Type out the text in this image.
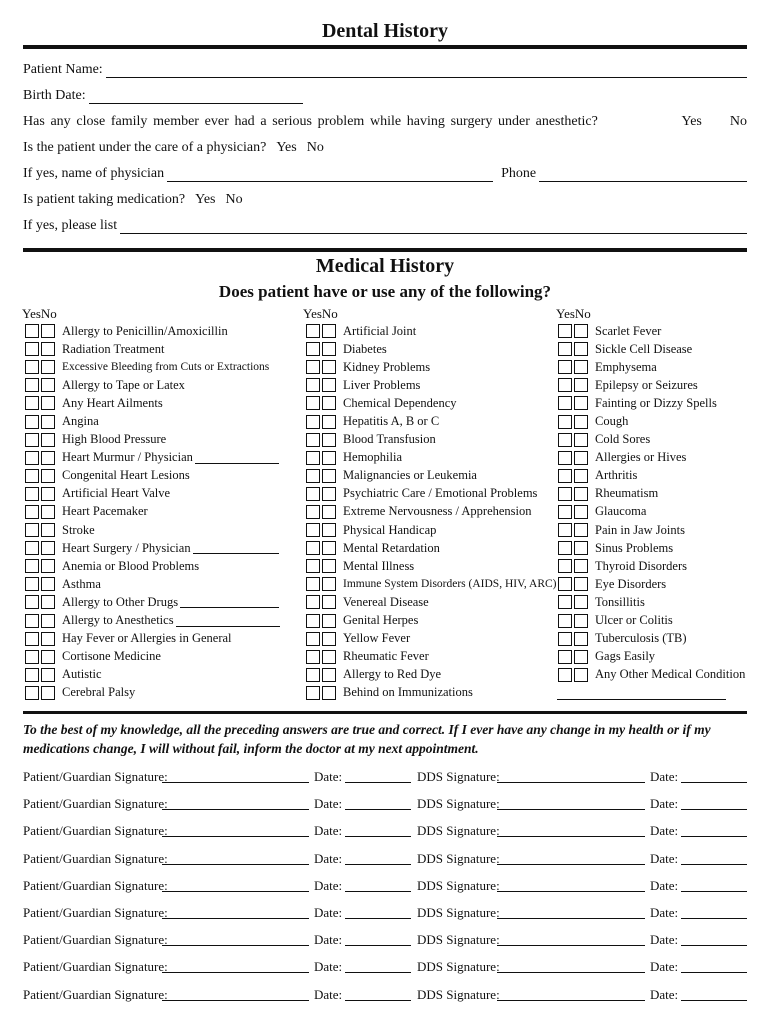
Dental History
Patient Name:
Birth Date:
Has any close family member ever had a serious problem while having surgery under anesthetic?	Yes No
Is the patient under the care of a physician? Yes No
If yes, name of physician	Phone
Is patient taking medication? Yes No
If yes, please list
Medical History
Does patient have or use any of the following?
YesNo	YesNo	YesNo
Allergy to Penicillin/Amoxicillin
Radiation Treatment
Excessive Bleeding from Cuts or Extractions
Allergy to Tape or Latex
Any Heart Ailments
Angina
High Blood Pressure
Heart Murmur / Physician
Congenital Heart Lesions
Artificial Heart Valve
Heart Pacemaker
Stroke
Heart Surgery / Physician
Anemia or Blood Problems
Asthma
Allergy to Other Drugs
Allergy to Anesthetics
Hay Fever or Allergies in General
Cortisone Medicine
Autistic
Cerebral Palsy
Artificial Joint
Diabetes
Kidney Problems
Liver Problems
Chemical Dependency
Hepatitis A, B or C
Blood Transfusion
Hemophilia
Malignancies or Leukemia
Psychiatric Care / Emotional Problems
Extreme Nervousness / Apprehension
Physical Handicap
Mental Retardation
Mental Illness
Immune System Disorders (AIDS, HIV, ARC)
Venereal Disease
Genital Herpes
Yellow Fever
Rheumatic Fever
Allergy to Red Dye
Behind on Immunizations
Scarlet Fever
Sickle Cell Disease
Emphysema
Epilepsy or Seizures
Fainting or Dizzy Spells
Cough
Cold Sores
Allergies or Hives
Arthritis
Rheumatism
Glaucoma
Pain in Jaw Joints
Sinus Problems
Thyroid Disorders
Eye Disorders
Tonsillitis
Ulcer or Colitis
Tuberculosis (TB)
Gags Easily
Any Other Medical Condition
To the best of my knowledge, all the preceding answers are true and correct. If I ever have any change in my health or if my medications change, I will without fail, inform the doctor at my next appointment.
Patient/Guardian Signature:	Date:	DDS Signature:	Date:
Patient/Guardian Signature:	Date:	DDS Signature:	Date:
Patient/Guardian Signature:	Date:	DDS Signature:	Date:
Patient/Guardian Signature:	Date:	DDS Signature:	Date:
Patient/Guardian Signature:	Date:	DDS Signature:	Date:
Patient/Guardian Signature:	Date:	DDS Signature:	Date:
Patient/Guardian Signature:	Date:	DDS Signature:	Date:
Patient/Guardian Signature:	Date:	DDS Signature:	Date:
Patient/Guardian Signature:	Date:	DDS Signature:	Date:
